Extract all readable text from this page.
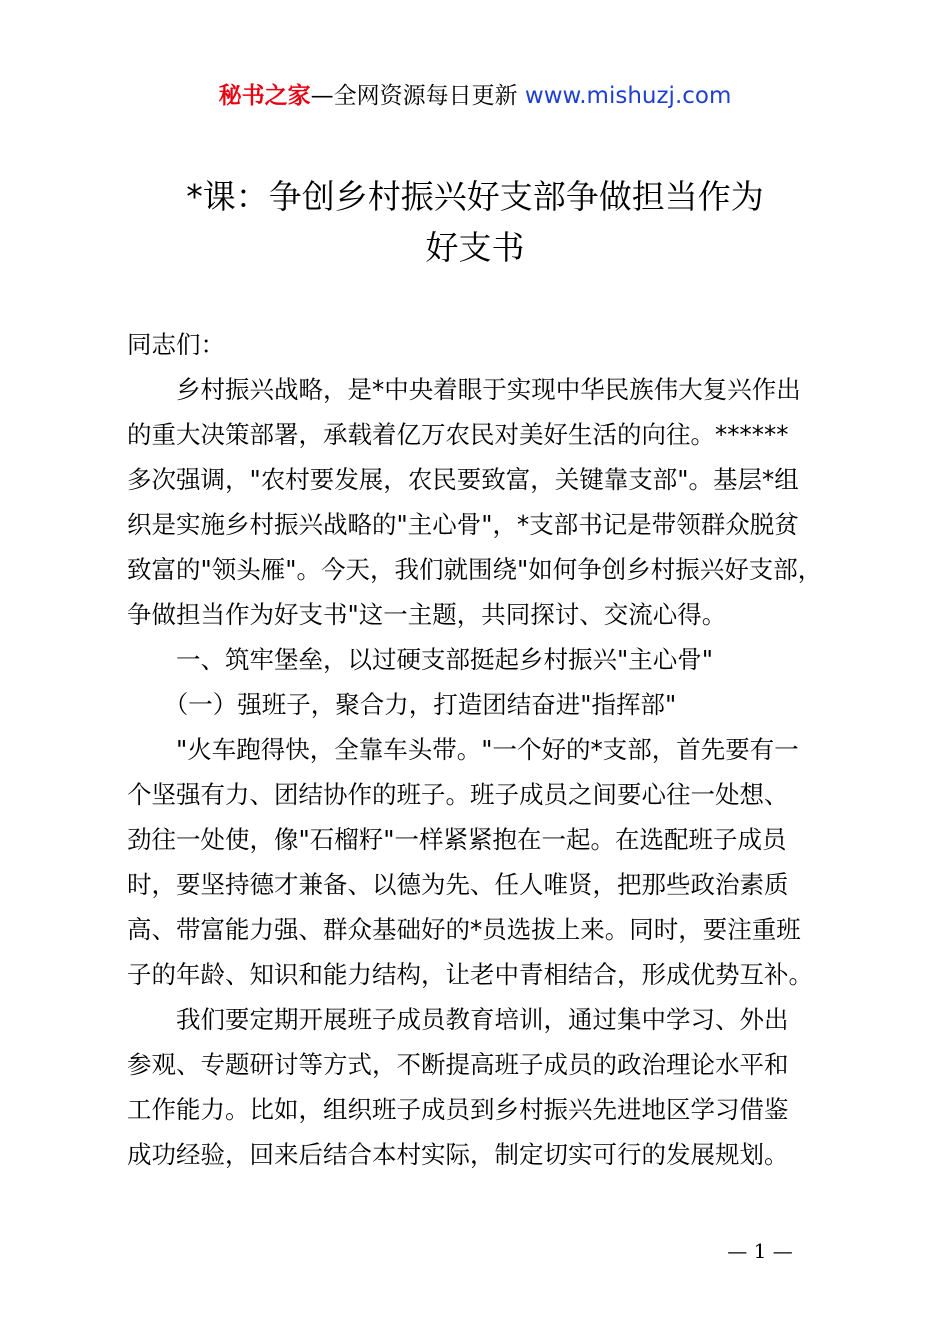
秘书之家—全网资源每日更新 www.mishuzj.com
*课：争创乡村振兴好支部争做担当作为
好支书
同志们：
　　乡村振兴战略，是*中央着眼于实现中华民族伟大复兴作出
的重大决策部署，承载着亿万农民对美好生活的向往。******
多次强调，"农村要发展，农民要致富，关键靠支部"。基层*组
织是实施乡村振兴战略的"主心骨"，*支部书记是带领群众脱贫
致富的"领头雁"。今天，我们就围绕"如何争创乡村振兴好支部，
争做担当作为好支书"这一主题，共同探讨、交流心得。
　　一、筑牢堡垒，以过硬支部挺起乡村振兴"主心骨"
　　（一）强班子，聚合力，打造团结奋进"指挥部"
　　"火车跑得快，全靠车头带。"一个好的*支部，首先要有一
个坚强有力、团结协作的班子。班子成员之间要心往一处想、
劲往一处使，像"石榴籽"一样紧紧抱在一起。在选配班子成员
时，要坚持德才兼备、以德为先、任人唯贤，把那些政治素质
高、带富能力强、群众基础好的*员选拔上来。同时，要注重班
子的年龄、知识和能力结构，让老中青相结合，形成优势互补。
　　我们要定期开展班子成员教育培训，通过集中学习、外出
参观、专题研讨等方式，不断提高班子成员的政治理论水平和
工作能力。比如，组织班子成员到乡村振兴先进地区学习借鉴
成功经验，回来后结合本村实际，制定切实可行的发展规划。
— 1 —
